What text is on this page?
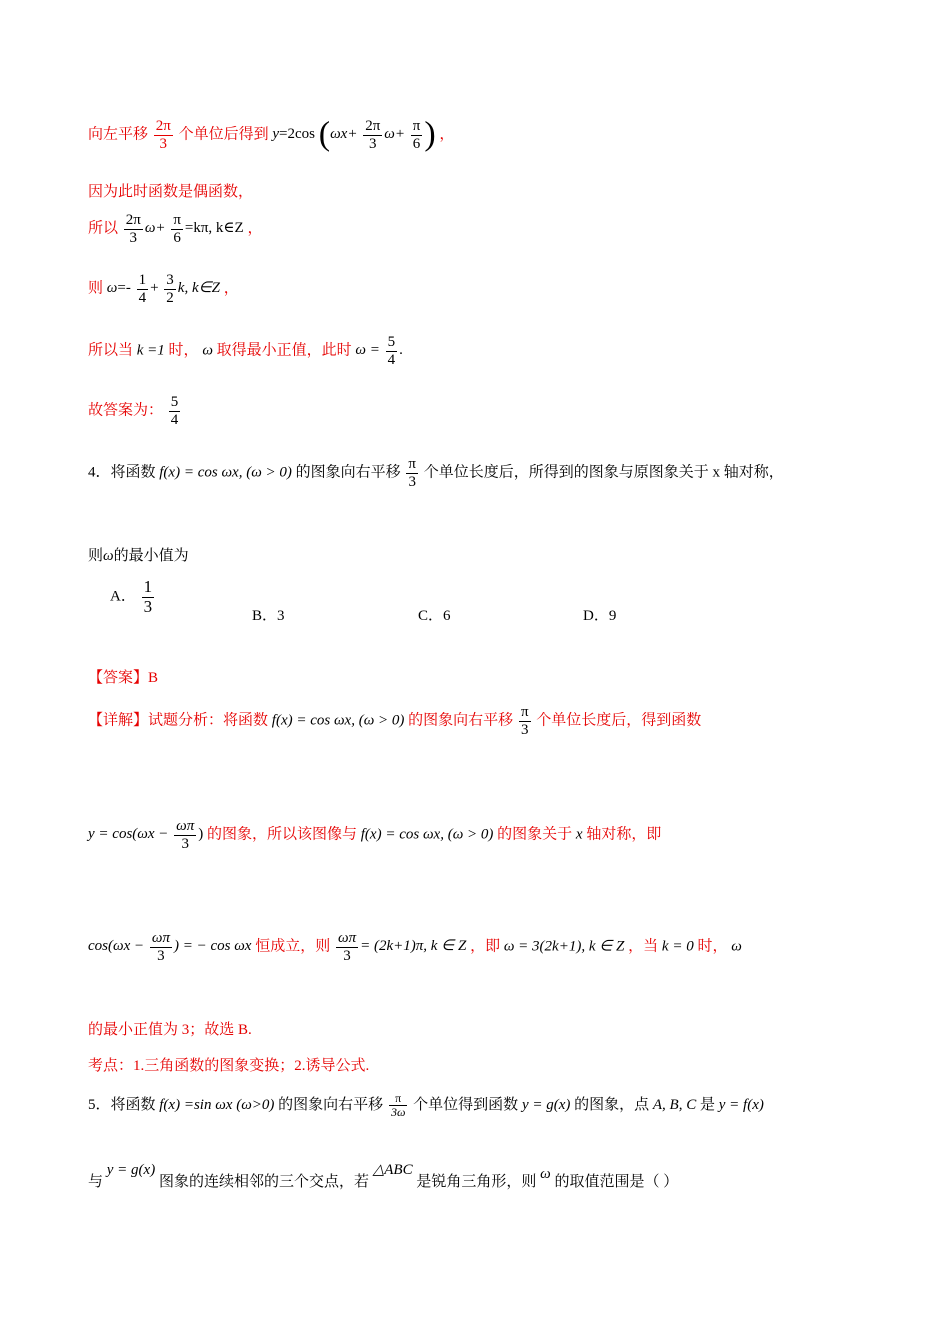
向左平移 $\frac{2\pi}{3}$ 个单位后得到 y=2cos ($\omega x+ \frac{2\pi}{3} \omega+ \frac{\pi}{6}$ ) ，
因为此时函数是偶函数，
所以 $\frac{2\pi}{3} \omega+ \frac{\pi}{6} =k\pi$, k∈Z ，
则 $\omega=- \frac{1}{4} + \frac{3}{2} k$, k∈Z ，
所以当 k =1 时， ω 取得最小正值，此时 $\omega = \frac{5}{4}$ .
故答案为： $\frac{5}{4}$
4．将函数 f(x) = cos ωx, (ω > 0) 的图象向右平移 $\frac{\pi}{3}$ 个单位长度后，所得到的图象与原图象关于 x 轴对称，
则ω的最小值为
A． $\frac{1}{3}$	B．3	C．6	D．9
【答案】B
【详解】试题分析：将函数 f(x) = cos ωx, (ω > 0) 的图象向右平移 $\frac{\pi}{3}$ 个单位长度后，得到函数
$y = \cos(\omega x - \frac{\omega\pi}{3}$ ) 的图象，所以该图像与 f(x) = cos ωx, (ω > 0) 的图象关于 x 轴对称，即
$\cos(\omega x - \frac{\omega\pi}{3}$ ) = − cos ωx 恒成立，则 $\frac{\omega\pi}{3} = (2k+1)\pi$, k ∈ Z ，即 ω = 3(2k+1), k ∈ Z ，当 k = 0 时， ω
的最小正值为 3；故选 B.
考点：1.三角函数的图象变换；2.诱导公式.
5．将函数 f(x) =sin ωx (ω>0) 的图象向右平移 $\frac{\pi}{3\omega}$ 个单位得到函数 y = g(x) 的图象，点 A, B, C 是 y = f(x)
与 y = g(x) 图象的连续相邻的三个交点，若 △ABC 是锐角三角形，则 ω 的取值范围是（ ）
